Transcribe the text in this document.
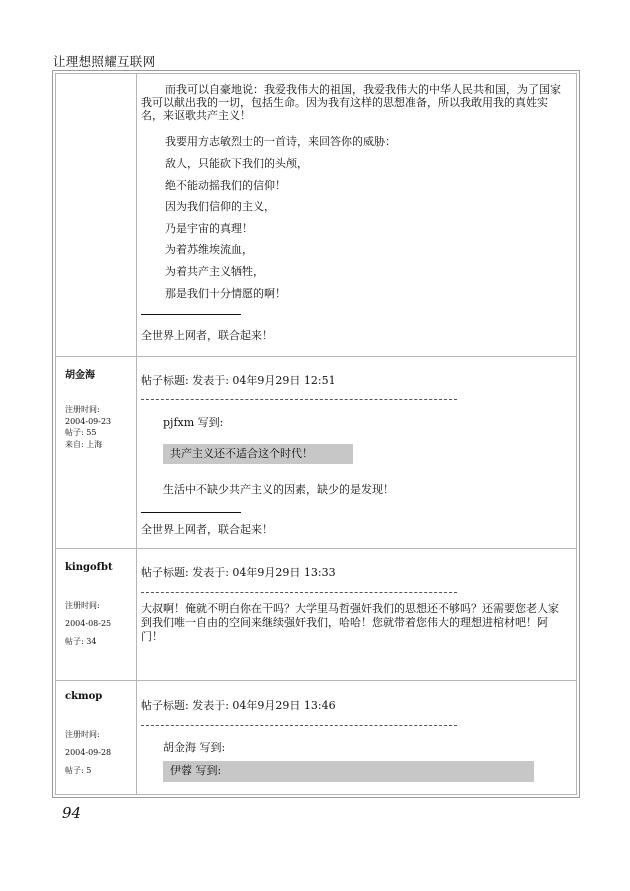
让理想照耀互联网
而我可以自豪地说：我爱我伟大的祖国，我爱我伟大的中华人民共和国，为了国家我可以献出我的一切，包括生命。因为我有这样的思想准备，所以我敢用我的真姓实名，来讴歌共产主义！
我要用方志敏烈士的一首诗，来回答你的威胁：
敌人，只能砍下我们的头颅，
绝不能动摇我们的信仰！
因为我们信仰的主义，
乃是宇宙的真理！
为着苏维埃流血，
为着共产主义牺牲，
那是我们十分情愿的啊！
全世界上网者，联合起来！
胡金海
注册时间:
2004-09-23
帖子: 55
来自: 上海
帖子标题: 发表于: 04年9月29日 12:51
pjfxm 写到:
共产主义还不适合这个时代！
生活中不缺少共产主义的因素，缺少的是发现！
全世界上网者，联合起来！
kingofbt
注册时间:
2004-08-25
帖子: 34
帖子标题: 发表于: 04年9月29日 13:33
大叔啊！俺就不明白你在干吗？大学里马哲强奸我们的思想还不够吗？还需要您老人家到我们唯一自由的空间来继续强奸我们，哈哈！您就带着您伟大的理想进棺材吧！阿门！
ckmop
注册时间:
2004-09-28
帖子: 5
帖子标题: 发表于: 04年9月29日 13:46
胡金海 写到:
伊蓉 写到:
94
